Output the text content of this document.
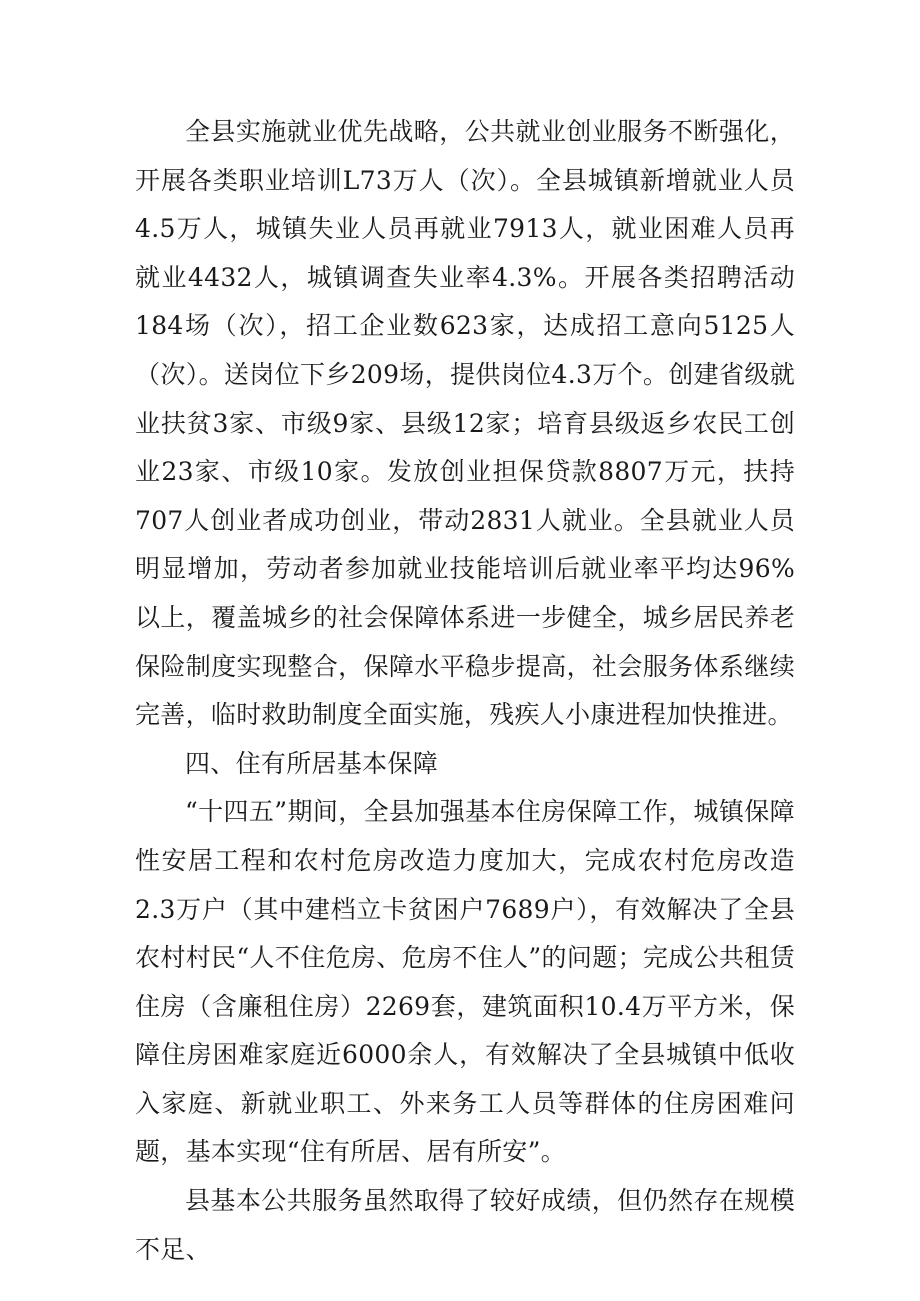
全县实施就业优先战略，公共就业创业服务不断强化，开展各类职业培训L73万人（次）。全县城镇新增就业人员4.5万人，城镇失业人员再就业7913人，就业困难人员再就业4432人，城镇调查失业率4.3%。开展各类招聘活动184场（次），招工企业数623家，达成招工意向5125人（次）。送岗位下乡209场，提供岗位4.3万个。创建省级就业扶贫3家、市级9家、县级12家；培育县级返乡农民工创业23家、市级10家。发放创业担保贷款8807万元，扶持707人创业者成功创业，带动2831人就业。全县就业人员明显增加，劳动者参加就业技能培训后就业率平均达96%以上，覆盖城乡的社会保障体系进一步健全，城乡居民养老保险制度实现整合，保障水平稳步提高，社会服务体系继续完善，临时救助制度全面实施，残疾人小康进程加快推进。

四、住有所居基本保障

“十四五”期间，全县加强基本住房保障工作，城镇保障性安居工程和农村危房改造力度加大，完成农村危房改造2.3万户（其中建档立卡贫困户7689户），有效解决了全县农村村民“人不住危房、危房不住人”的问题；完成公共租赁住房（含廉租住房）2269套，建筑面积10.4万平方米，保障住房困难家庭近6000余人，有效解决了全县城镇中低收入家庭、新就业职工、外来务工人员等群体的住房困难问题，基本实现“住有所居、居有所安”。

县基本公共服务虽然取得了较好成绩，但仍然存在规模不足、
